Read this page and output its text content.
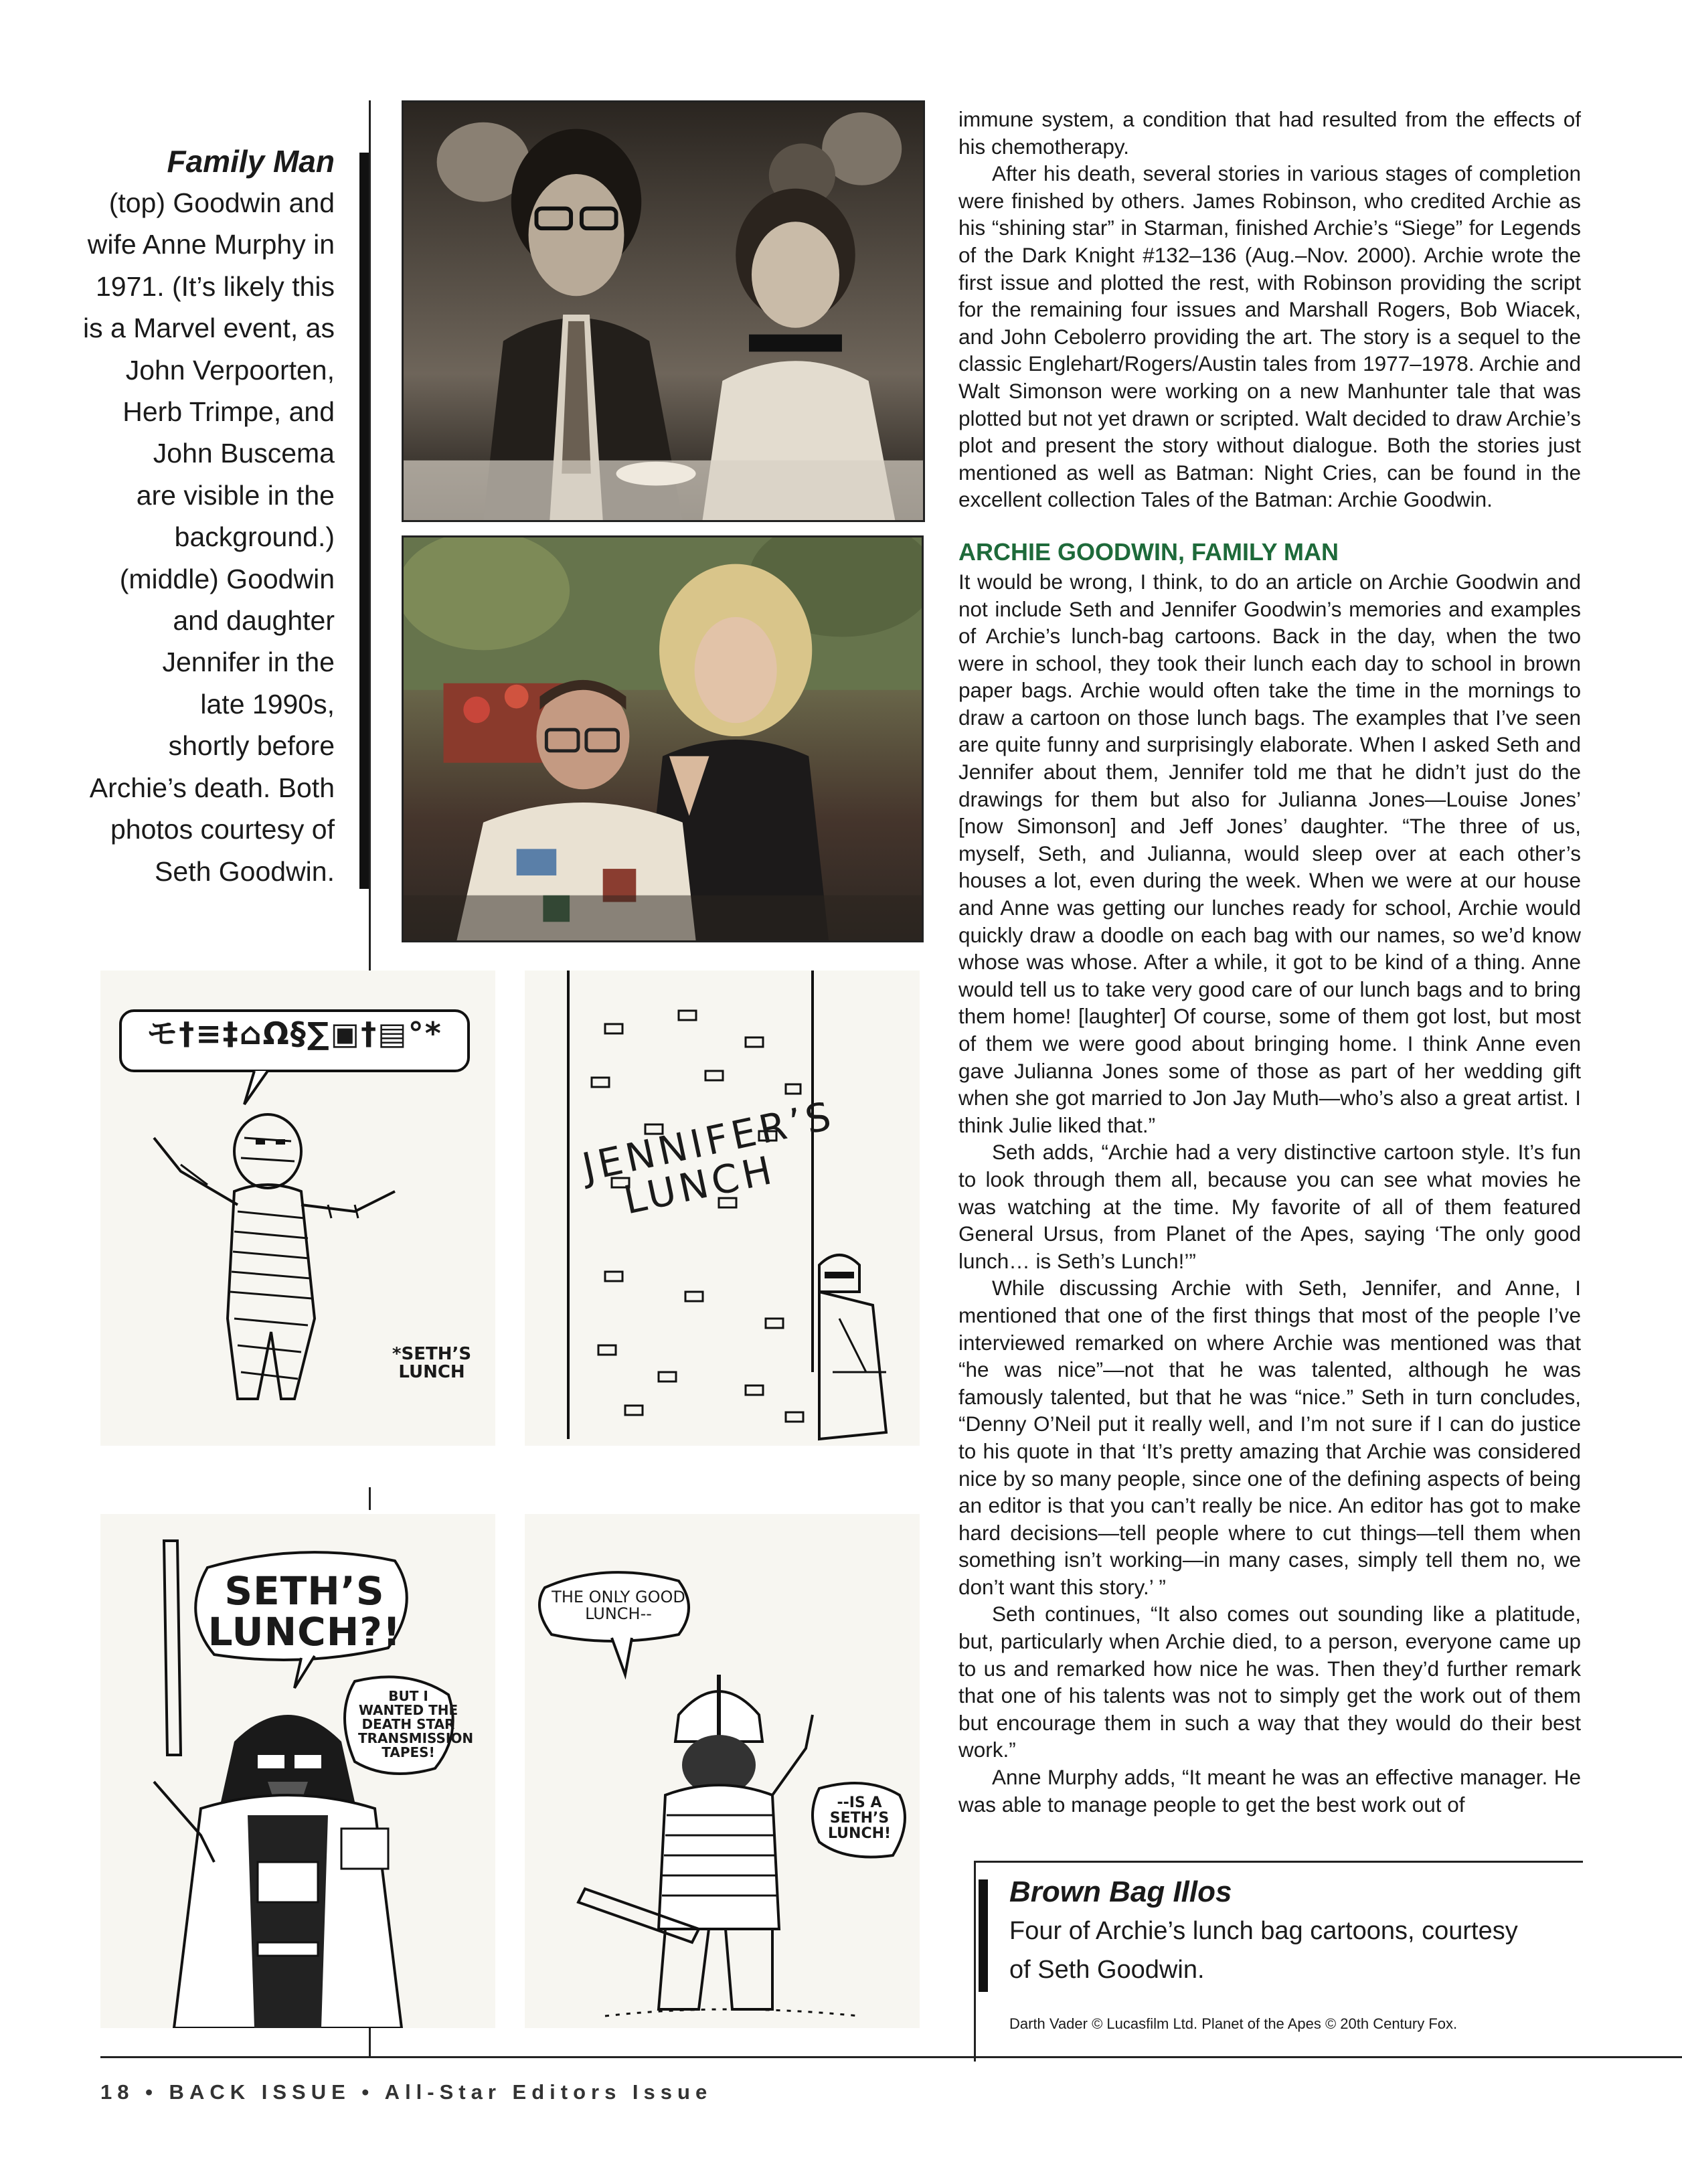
Family Man
(top) Goodwin and
wife Anne Murphy in
1971. (It’s likely this
is a Marvel event, as
John Verpoorten,
Herb Trimpe, and
John Buscema
are visible in the
background.)
(middle) Goodwin
and daughter
Jennifer in the
late 1990s,
shortly before
Archie’s death. Both
photos courtesy of
Seth Goodwin.
モ†≡‡⌂Ω§∑▣†▤°*
*SETH’S LUNCH
JENNIFER’S LUNCH
SETH’S LUNCH?!
BUT I WANTED THE DEATH STAR TRANSMISSION TAPES!
THE ONLY GOOD LUNCH--
--IS A SETH’S LUNCH!

immune system, a condition that had resulted from the effects of his chemotherapy.

After his death, several stories in various stages of completion were finished by others. James Robinson, who credited Archie as his “shining star” in Starman, finished Archie’s “Siege” for Legends of the Dark Knight #132–136 (Aug.–Nov. 2000). Archie wrote the first issue and plotted the rest, with Robinson providing the script for the remaining four issues and Marshall Rogers, Bob Wiacek, and John Cebolerro providing the art. The story is a sequel to the classic Englehart/Rogers/Austin tales from 1977–1978. Archie and Walt Simonson were working on a new Manhunter tale that was plotted but not yet drawn or scripted. Walt decided to draw Archie’s plot and present the story without dialogue. Both the stories just mentioned as well as Batman: Night Cries, can be found in the excellent collection Tales of the Batman: Archie Goodwin.

ARCHIE GOODWIN, FAMILY MAN

It would be wrong, I think, to do an article on Archie Goodwin and not include Seth and Jennifer Goodwin’s memories and examples of Archie’s lunch-bag cartoons. Back in the day, when the two were in school, they took their lunch each day to school in brown paper bags. Archie would often take the time in the mornings to draw a cartoon on those lunch bags. The examples that I’ve seen are quite funny and surprisingly elaborate. When I asked Seth and Jennifer about them, Jennifer told me that he didn’t just do the drawings for them but also for Julianna Jones—Louise Jones’ [now Simonson] and Jeff Jones’ daughter. “The three of us, myself, Seth, and Julianna, would sleep over at each other’s houses a lot, even during the week. When we were at our house and Anne was getting our lunches ready for school, Archie would quickly draw a doodle on each bag with our names, so we’d know whose was whose. After a while, it got to be kind of a thing. Anne would tell us to take very good care of our lunch bags and to bring them home! [laughter] Of course, some of them got lost, but most of them we were good about bringing home. I think Anne even gave Julianna Jones some of those as part of her wedding gift when she got married to Jon Jay Muth—who’s also a great artist. I think Julie liked that.”

Seth adds, “Archie had a very distinctive cartoon style. It’s fun to look through them all, because you can see what movies he was watching at the time. My favorite of all of them featured General Ursus, from Planet of the Apes, saying ‘The only good lunch… is Seth’s Lunch!’”

While discussing Archie with Seth, Jennifer, and Anne, I mentioned that one of the first things that most of the people I’ve interviewed remarked on where Archie was mentioned was that “he was nice”—not that he was talented, although he was famously talented, but that he was “nice.” Seth in turn concludes, “Denny O’Neil put it really well, and I’m not sure if I can do justice to his quote in that ‘It’s pretty amazing that Archie was considered nice by so many people, since one of the defining aspects of being an editor is that you can’t really be nice. An editor has got to make hard decisions—tell people where to cut things—tell them when something isn’t working—in many cases, simply tell them no, we don’t want this story.’ ”

Seth continues, “It also comes out sounding like a platitude, but, particularly when Archie died, to a person, everyone came up to us and remarked how nice he was. Then they’d further remark that one of his talents was not to simply get the work out of them but encourage them in such a way that they would do their best work.”

Anne Murphy adds, “It meant he was an effective manager. He was able to manage people to get the best work out of

Brown Bag Illos
Four of Archie’s lunch bag cartoons, courtesy
of Seth Goodwin.
Darth Vader © Lucasfilm Ltd. Planet of the Apes © 20th Century Fox.
18 • BACK ISSUE • All-Star Editors Issue
